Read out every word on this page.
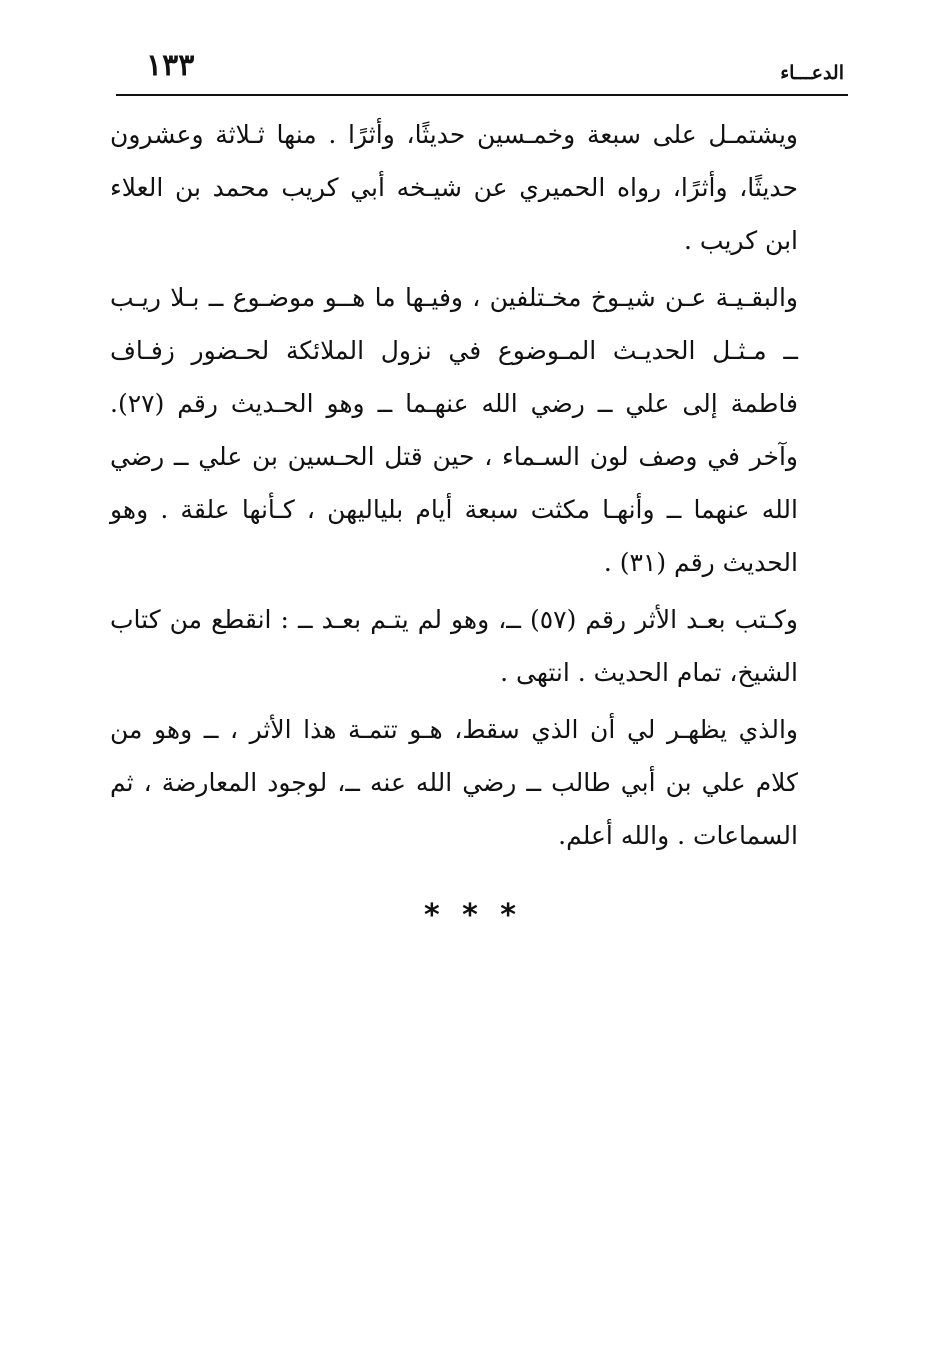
الدعـــاء
١٣٣

ويشتمـل على سبعة وخمـسين حديثًا، وأثرًا . منها ثـلاثة وعشرون حديثًا، وأثرًا، رواه الحميري عن شيـخه أبي كريب محمد بن العلاء ابن كريب .

والبقـيـة عـن شيـوخ مخـتلفين ، وفيـها ما هــو موضـوع ــ بـلا ريـب ــ مـثـل الحديـث المـوضوع في نزول الملائكة لحـضور زفـاف فاطمة إلى علي ــ رضي الله عنهـما ــ وهو الحـديث رقم (٢٧). وآخر في وصف لون السـماء ، حين قتل الحـسين بن علي ــ رضي الله عنهما ــ وأنهـا مكثت سبعة أيام بلياليهن ، كـأنها علقة . وهو الحديث رقم (٣١) .

وكـتب بعـد الأثر رقم (٥٧) ــ، وهو لم يتـم بعـد ــ : انقطع من كتاب الشيخ، تمام الحديث . انتهى .

والذي يظهـر لي أن الذي سقط، هـو تتمـة هذا الأثر ، ــ وهو من كلام علي بن أبي طالب ــ رضي الله عنه ــ، لوجود المعارضة ، ثم السماعات . والله أعلم.

* * *
